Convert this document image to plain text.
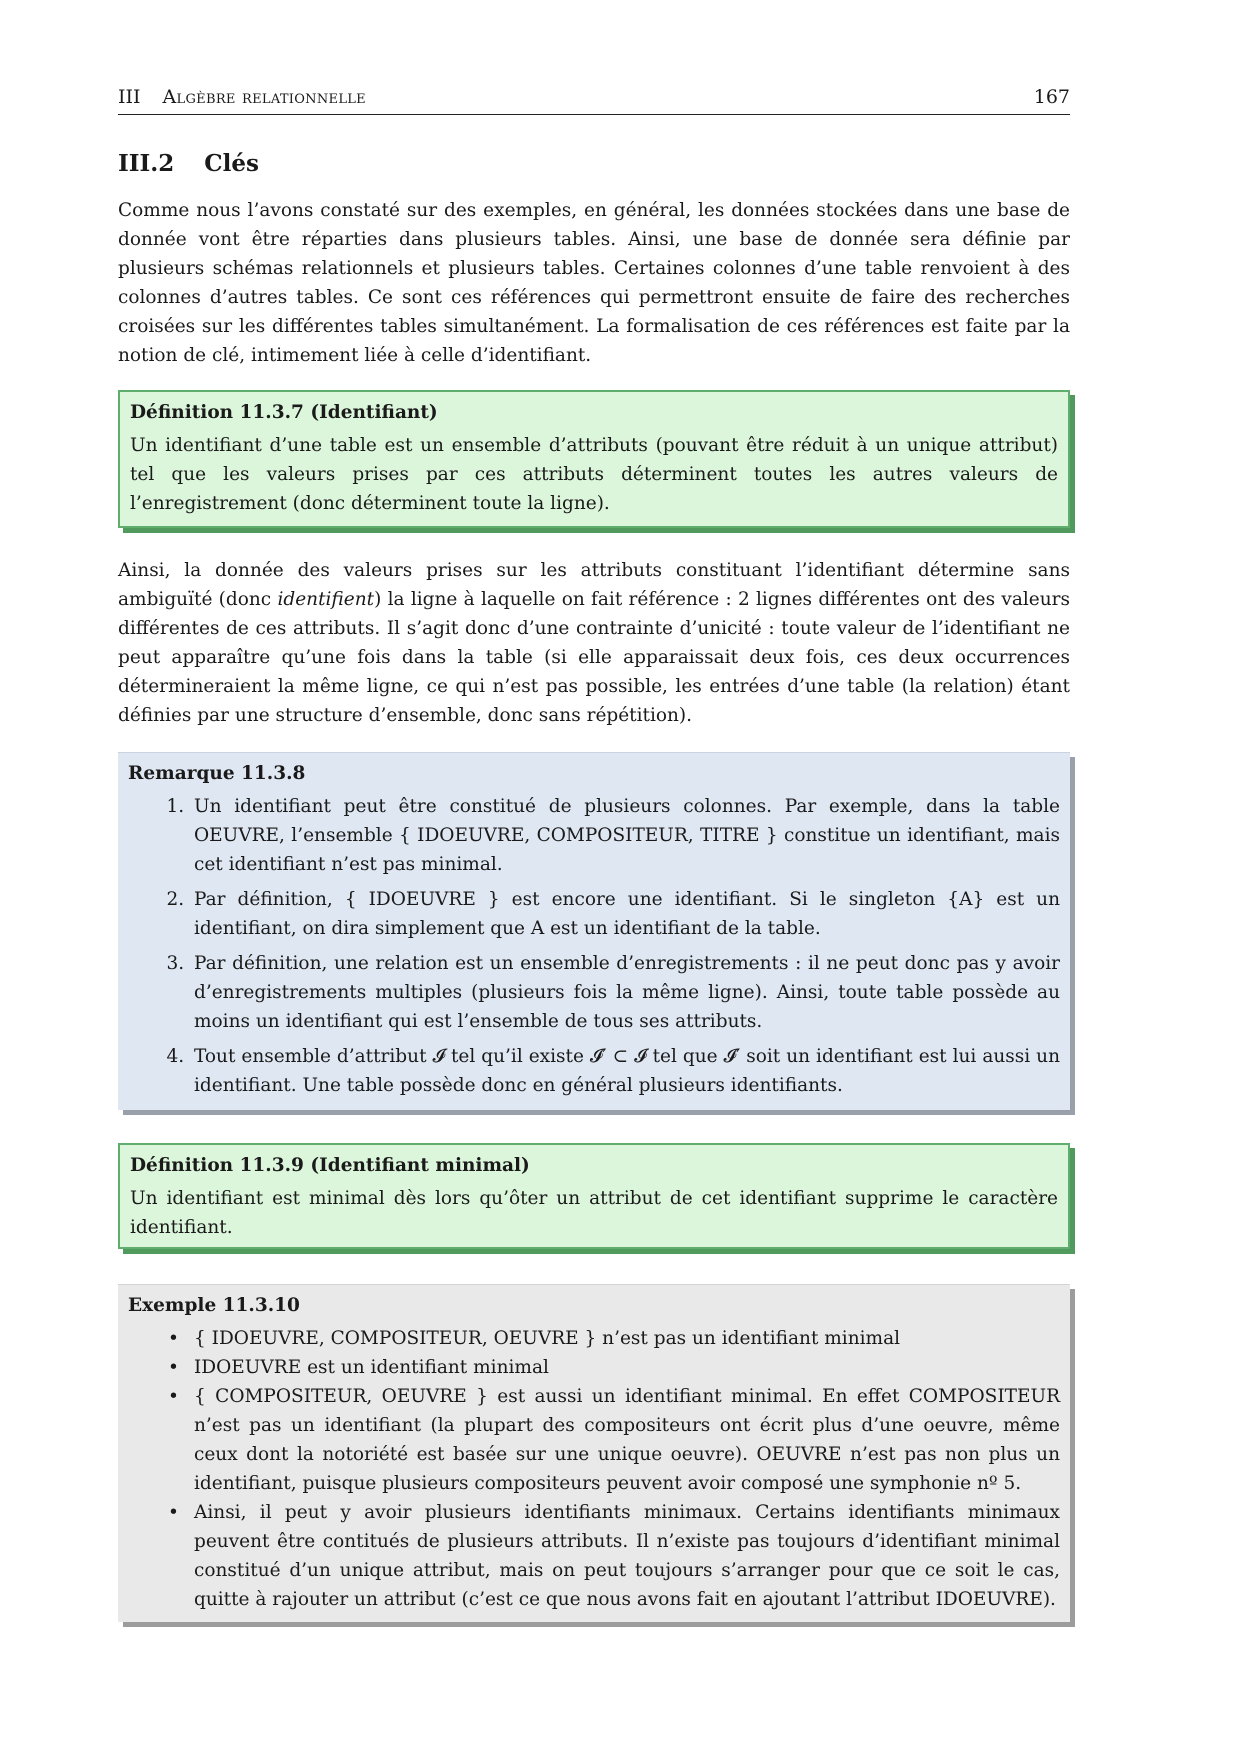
III Algèbre relationnelle	167
III.2 Clés

Comme nous l’avons constaté sur des exemples, en général, les données stockées dans une base de donnée vont être réparties dans plusieurs tables. Ainsi, une base de donnée sera définie par plusieurs schémas relationnels et plusieurs tables. Certaines colonnes d’une table renvoient à des colonnes d’autres tables. Ce sont ces références qui permettront ensuite de faire des recherches croisées sur les différentes tables simultanément. La formalisation de ces références est faite par la notion de clé, intimement liée à celle d’identifiant.

Définition 11.3.7 (Identifiant)

Un identifiant d’une table est un ensemble d’attributs (pouvant être réduit à un unique attribut) tel que les valeurs prises par ces attributs déterminent toutes les autres valeurs de l’enregistrement (donc déterminent toute la ligne).

Ainsi, la donnée des valeurs prises sur les attributs constituant l’identifiant détermine sans ambiguïté (donc identifient) la ligne à laquelle on fait référence : 2 lignes différentes ont des valeurs différentes de ces attributs. Il s’agit donc d’une contrainte d’unicité : toute valeur de l’identifiant ne peut apparaître qu’une fois dans la table (si elle apparaissait deux fois, ces deux occurrences détermineraient la même ligne, ce qui n’est pas possible, les entrées d’une table (la relation) étant définies par une structure d’ensemble, donc sans répétition).

Remarque 11.3.8
1. Un identifiant peut être constitué de plusieurs colonnes. Par exemple, dans la table OEUVRE, l’ensemble { IDOEUVRE, COMPOSITEUR, TITRE } constitue un identifiant, mais cet identifiant n’est pas minimal.
2. Par définition, { IDOEUVRE } est encore une identifiant. Si le singleton {A} est un identifiant, on dira simplement que A est un identifiant de la table.
3. Par définition, une relation est un ensemble d’enregistrements : il ne peut donc pas y avoir d’enregistrements multiples (plusieurs fois la même ligne). Ainsi, toute table possède au moins un identifiant qui est l’ensemble de tous ses attributs.
4. Tout ensemble d’attribut 𝓘 tel qu’il existe 𝓘′ ⊂ 𝓘 tel que 𝓘′ soit un identifiant est lui aussi un identifiant. Une table possède donc en général plusieurs identifiants.
Définition 11.3.9 (Identifiant minimal)

Un identifiant est minimal dès lors qu’ôter un attribut de cet identifiant supprime le caractère identifiant.

Exemple 11.3.10
• { IDOEUVRE, COMPOSITEUR, OEUVRE } n’est pas un identifiant minimal
• IDOEUVRE est un identifiant minimal
• { COMPOSITEUR, OEUVRE } est aussi un identifiant minimal. En effet COMPOSITEUR n’est pas un identifiant (la plupart des compositeurs ont écrit plus d’une oeuvre, même ceux dont la notoriété est basée sur une unique oeuvre). OEUVRE n’est pas non plus un identifiant, puisque plusieurs compositeurs peuvent avoir composé une symphonie nº 5.
• Ainsi, il peut y avoir plusieurs identifiants minimaux. Certains identifiants minimaux peuvent être contitués de plusieurs attributs. Il n’existe pas toujours d’identifiant minimal constitué d’un unique attribut, mais on peut toujours s’arranger pour que ce soit le cas, quitte à rajouter un attribut (c’est ce que nous avons fait en ajoutant l’attribut IDOEUVRE).
